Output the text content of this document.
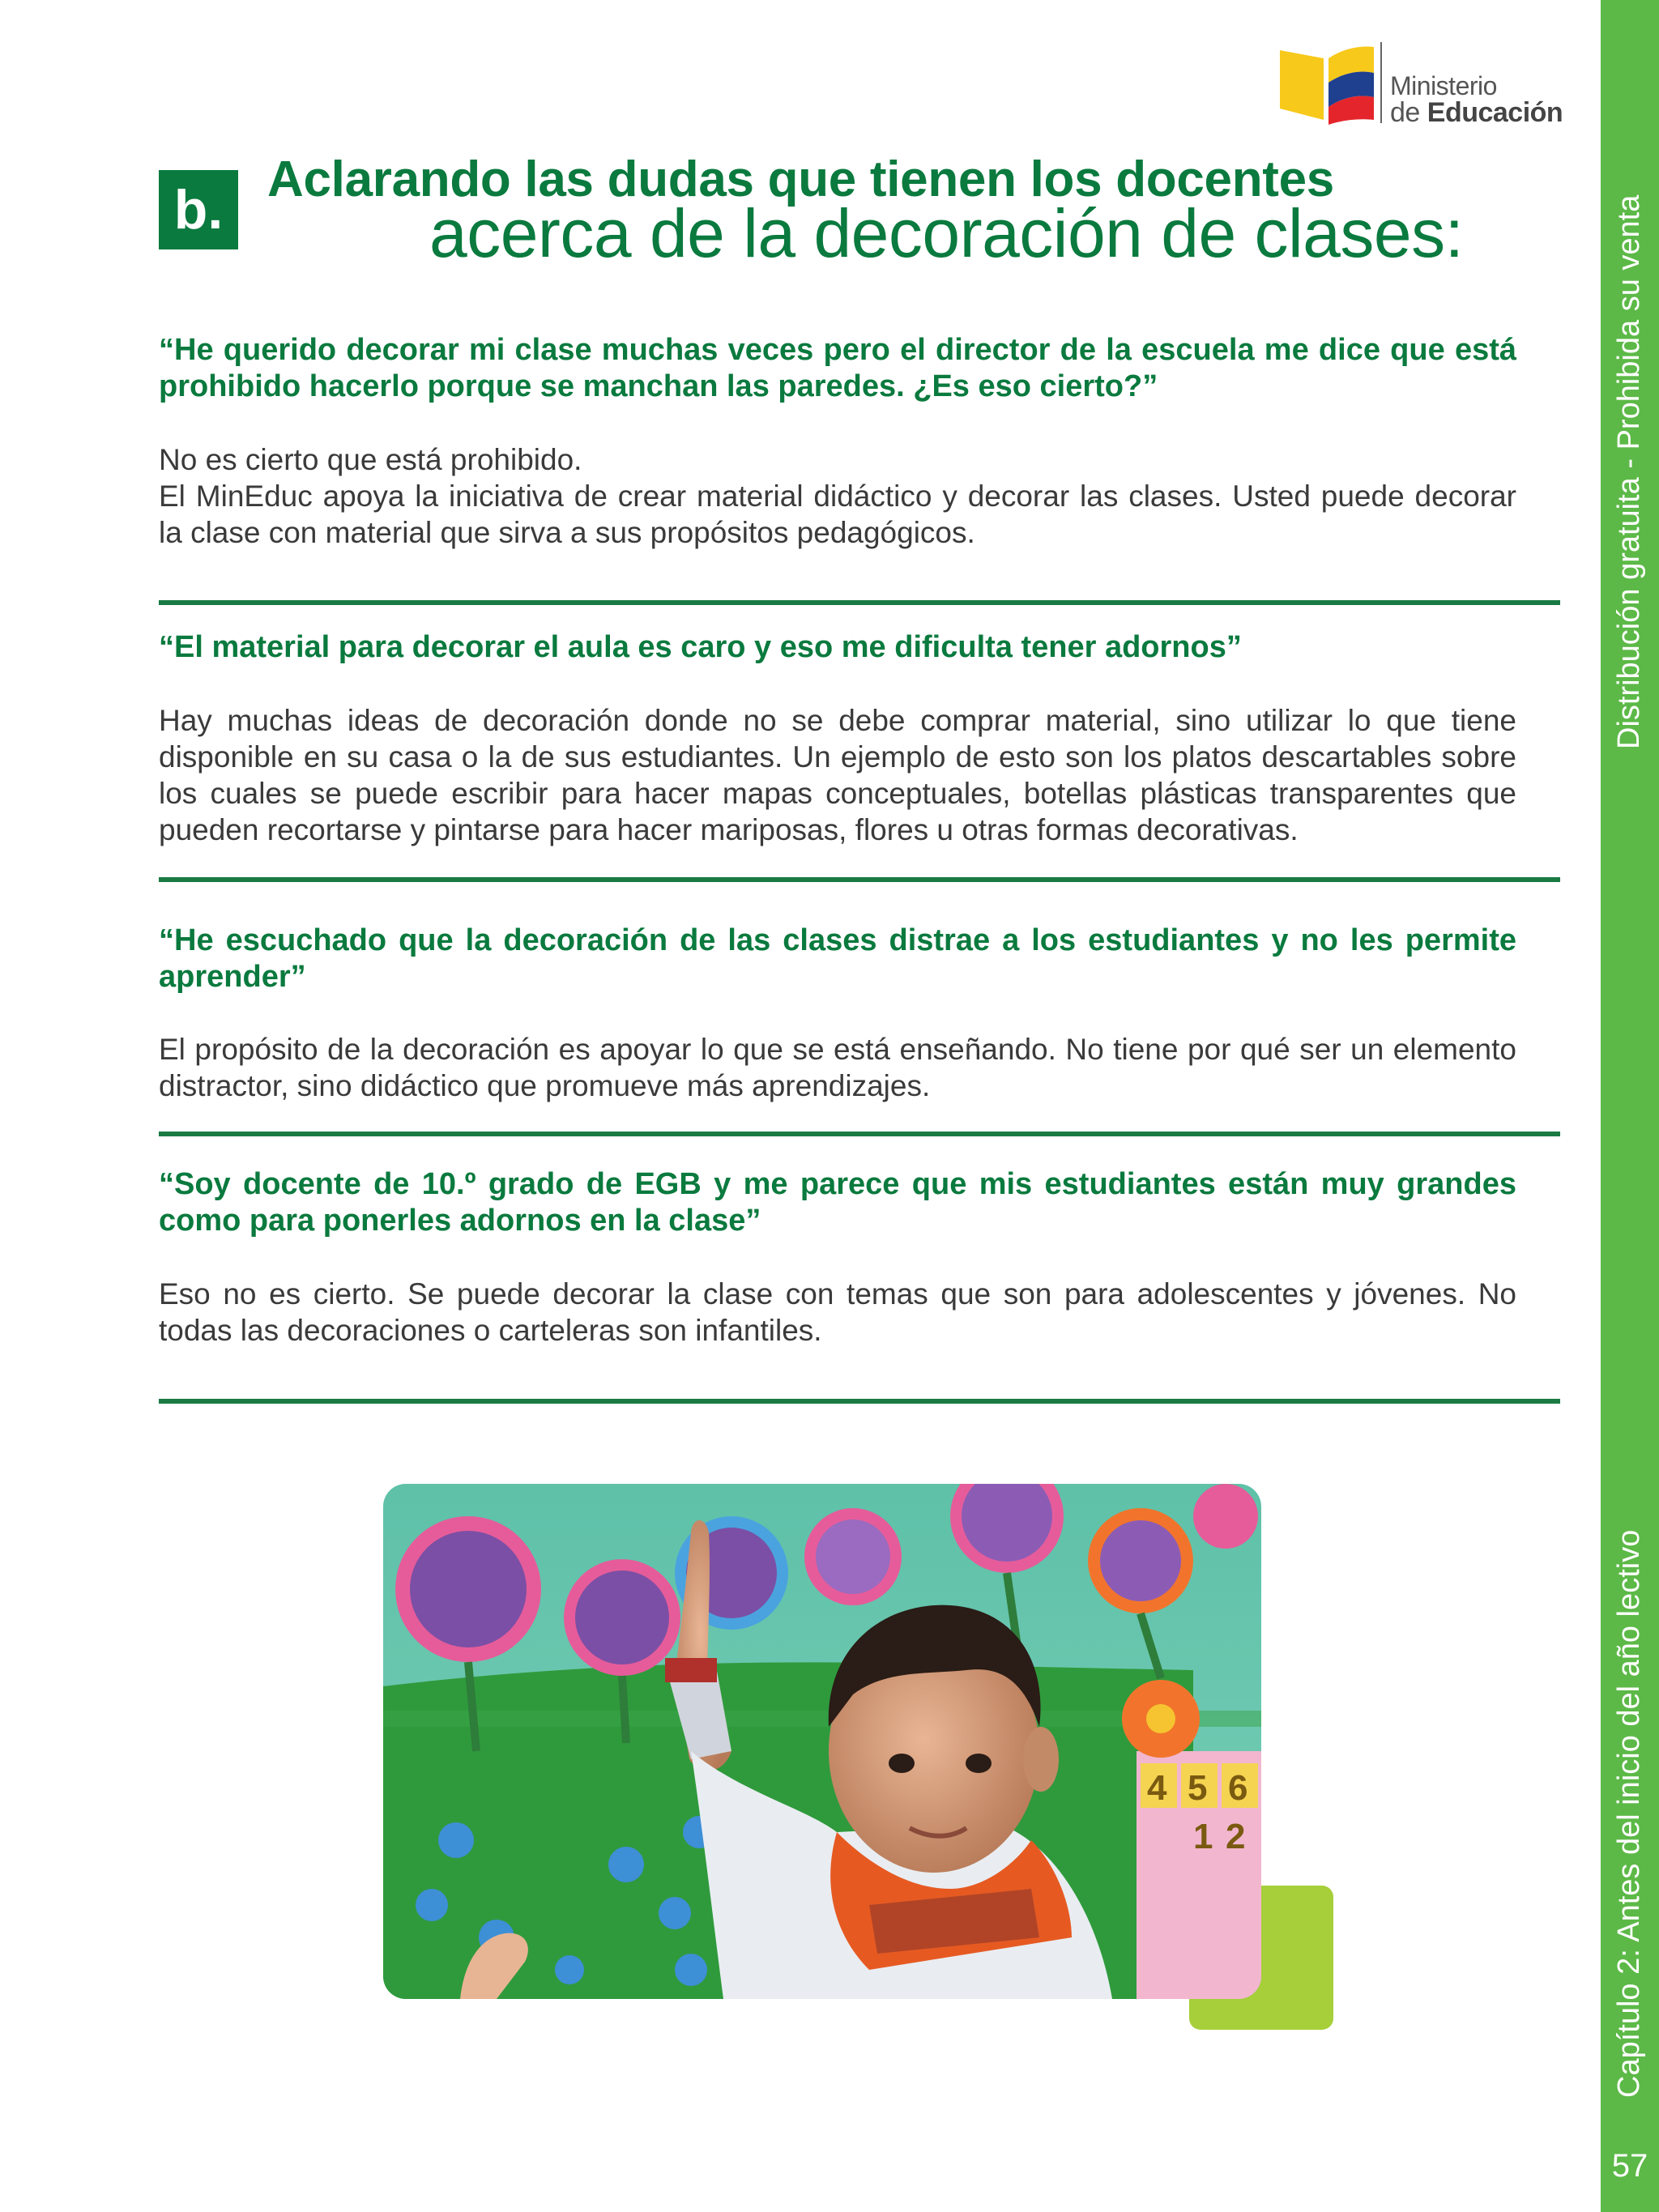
Distribución gratuita - Prohibida su venta
Capítulo 2: Antes del inicio del año lectivo
57
Ministerio
de Educación
b. Aclarando las dudas que tienen los docentes
acerca de la decoración de clases:
“He querido decorar mi clase muchas veces pero el director de la escuela me dice que está prohibido hacerlo porque se manchan las paredes. ¿Es eso cierto?”

No es cierto que está prohibido.

El MinEduc apoya la iniciativa de crear material didáctico y decorar las clases. Usted puede decorar la clase con material que sirva a sus propósitos pedagógicos.

“El material para decorar el aula es caro y eso me dificulta tener adornos”

Hay muchas ideas de decoración donde no se debe comprar material, sino utilizar lo que tiene disponible en su casa o la de sus estudiantes. Un ejemplo de esto son los platos descartables sobre los cuales se puede escribir para hacer mapas conceptuales, botellas plásticas transparentes que pueden recortarse y pintarse para hacer mariposas, flores u otras formas decorativas.

“He escuchado que la decoración de las clases distrae a los estudiantes y no les permite aprender”

El propósito de la decoración es apoyar lo que se está enseñando. No tiene por qué ser un elemento distractor, sino didáctico que promueve más aprendizajes.

“Soy docente de 10.º grado de EGB y me parece que mis estudiantes están muy grandes como para ponerles adornos en la clase”

Eso no es cierto. Se puede decorar la clase con temas que son para adolescentes y jóvenes. No todas las decoraciones o carteleras son infantiles.

4 5 6
1 2
